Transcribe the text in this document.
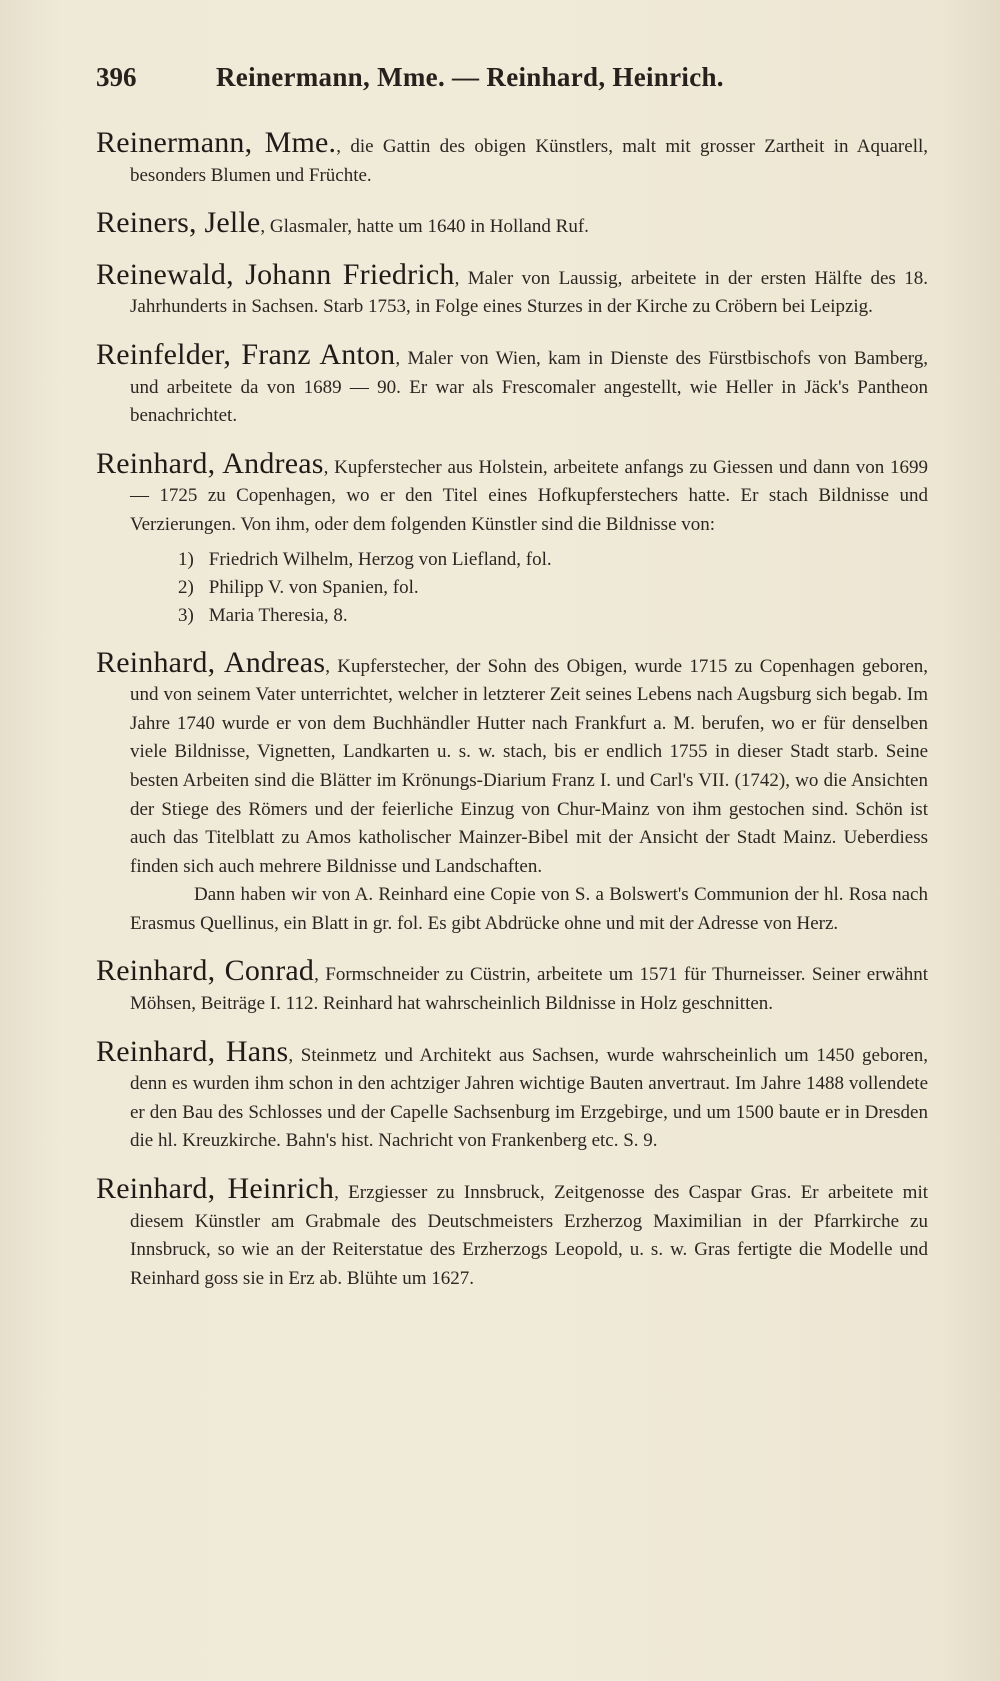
396	Reinermann, Mme. — Reinhard, Heinrich.
Reinermann, Mme., die Gattin des obigen Künstlers, malt mit grosser Zartheit in Aquarell, besonders Blumen und Früchte.
Reiners, Jelle, Glasmaler, hatte um 1640 in Holland Ruf.
Reinewald, Johann Friedrich, Maler von Laussig, arbeitete in der ersten Hälfte des 18. Jahrhunderts in Sachsen. Starb 1753, in Folge eines Sturzes in der Kirche zu Cröbern bei Leipzig.
Reinfelder, Franz Anton, Maler von Wien, kam in Dienste des Fürstbischofs von Bamberg, und arbeitete da von 1689 — 90. Er war als Frescomaler angestellt, wie Heller in Jäck's Pantheon benachrichtet.
Reinhard, Andreas, Kupferstecher aus Holstein, arbeitete anfangs zu Giessen und dann von 1699 — 1725 zu Copenhagen, wo er den Titel eines Hofkupferstechers hatte. Er stach Bildnisse und Verzierungen. Von ihm, oder dem folgenden Künstler sind die Bildnisse von:
1) Friedrich Wilhelm, Herzog von Liefland, fol.
2) Philipp V. von Spanien, fol.
3) Maria Theresia, 8.
Reinhard, Andreas, Kupferstecher, der Sohn des Obigen, wurde 1715 zu Copenhagen geboren, und von seinem Vater unterrichtet, welcher in letzterer Zeit seines Lebens nach Augsburg sich begab. Im Jahre 1740 wurde er von dem Buchhändler Hutter nach Frankfurt a. M. berufen, wo er für denselben viele Bildnisse, Vignetten, Landkarten u. s. w. stach, bis er endlich 1755 in dieser Stadt starb. Seine besten Arbeiten sind die Blätter im Krönungs-Diarium Franz I. und Carl's VII. (1742), wo die Ansichten der Stiege des Römers und der feierliche Einzug von Chur-Mainz von ihm gestochen sind. Schön ist auch das Titelblatt zu Amos katholischer Mainzer-Bibel mit der Ansicht der Stadt Mainz. Ueberdiess finden sich auch mehrere Bildnisse und Landschaften.
Dann haben wir von A. Reinhard eine Copie von S. a Bolswert's Communion der hl. Rosa nach Erasmus Quellinus, ein Blatt in gr. fol. Es gibt Abdrücke ohne und mit der Adresse von Herz.
Reinhard, Conrad, Formschneider zu Cüstrin, arbeitete um 1571 für Thurneisser. Seiner erwähnt Möhsen, Beiträge I. 112. Reinhard hat wahrscheinlich Bildnisse in Holz geschnitten.
Reinhard, Hans, Steinmetz und Architekt aus Sachsen, wurde wahrscheinlich um 1450 geboren, denn es wurden ihm schon in den achtziger Jahren wichtige Bauten anvertraut. Im Jahre 1488 vollendete er den Bau des Schlosses und der Capelle Sachsenburg im Erzgebirge, und um 1500 baute er in Dresden die hl. Kreuzkirche. Bahn's hist. Nachricht von Frankenberg etc. S. 9.
Reinhard, Heinrich, Erzgiesser zu Innsbruck, Zeitgenosse des Caspar Gras. Er arbeitete mit diesem Künstler am Grabmale des Deutschmeisters Erzherzog Maximilian in der Pfarrkirche zu Innsbruck, so wie an der Reiterstatue des Erzherzogs Leopold, u. s. w. Gras fertigte die Modelle und Reinhard goss sie in Erz ab. Blühte um 1627.
